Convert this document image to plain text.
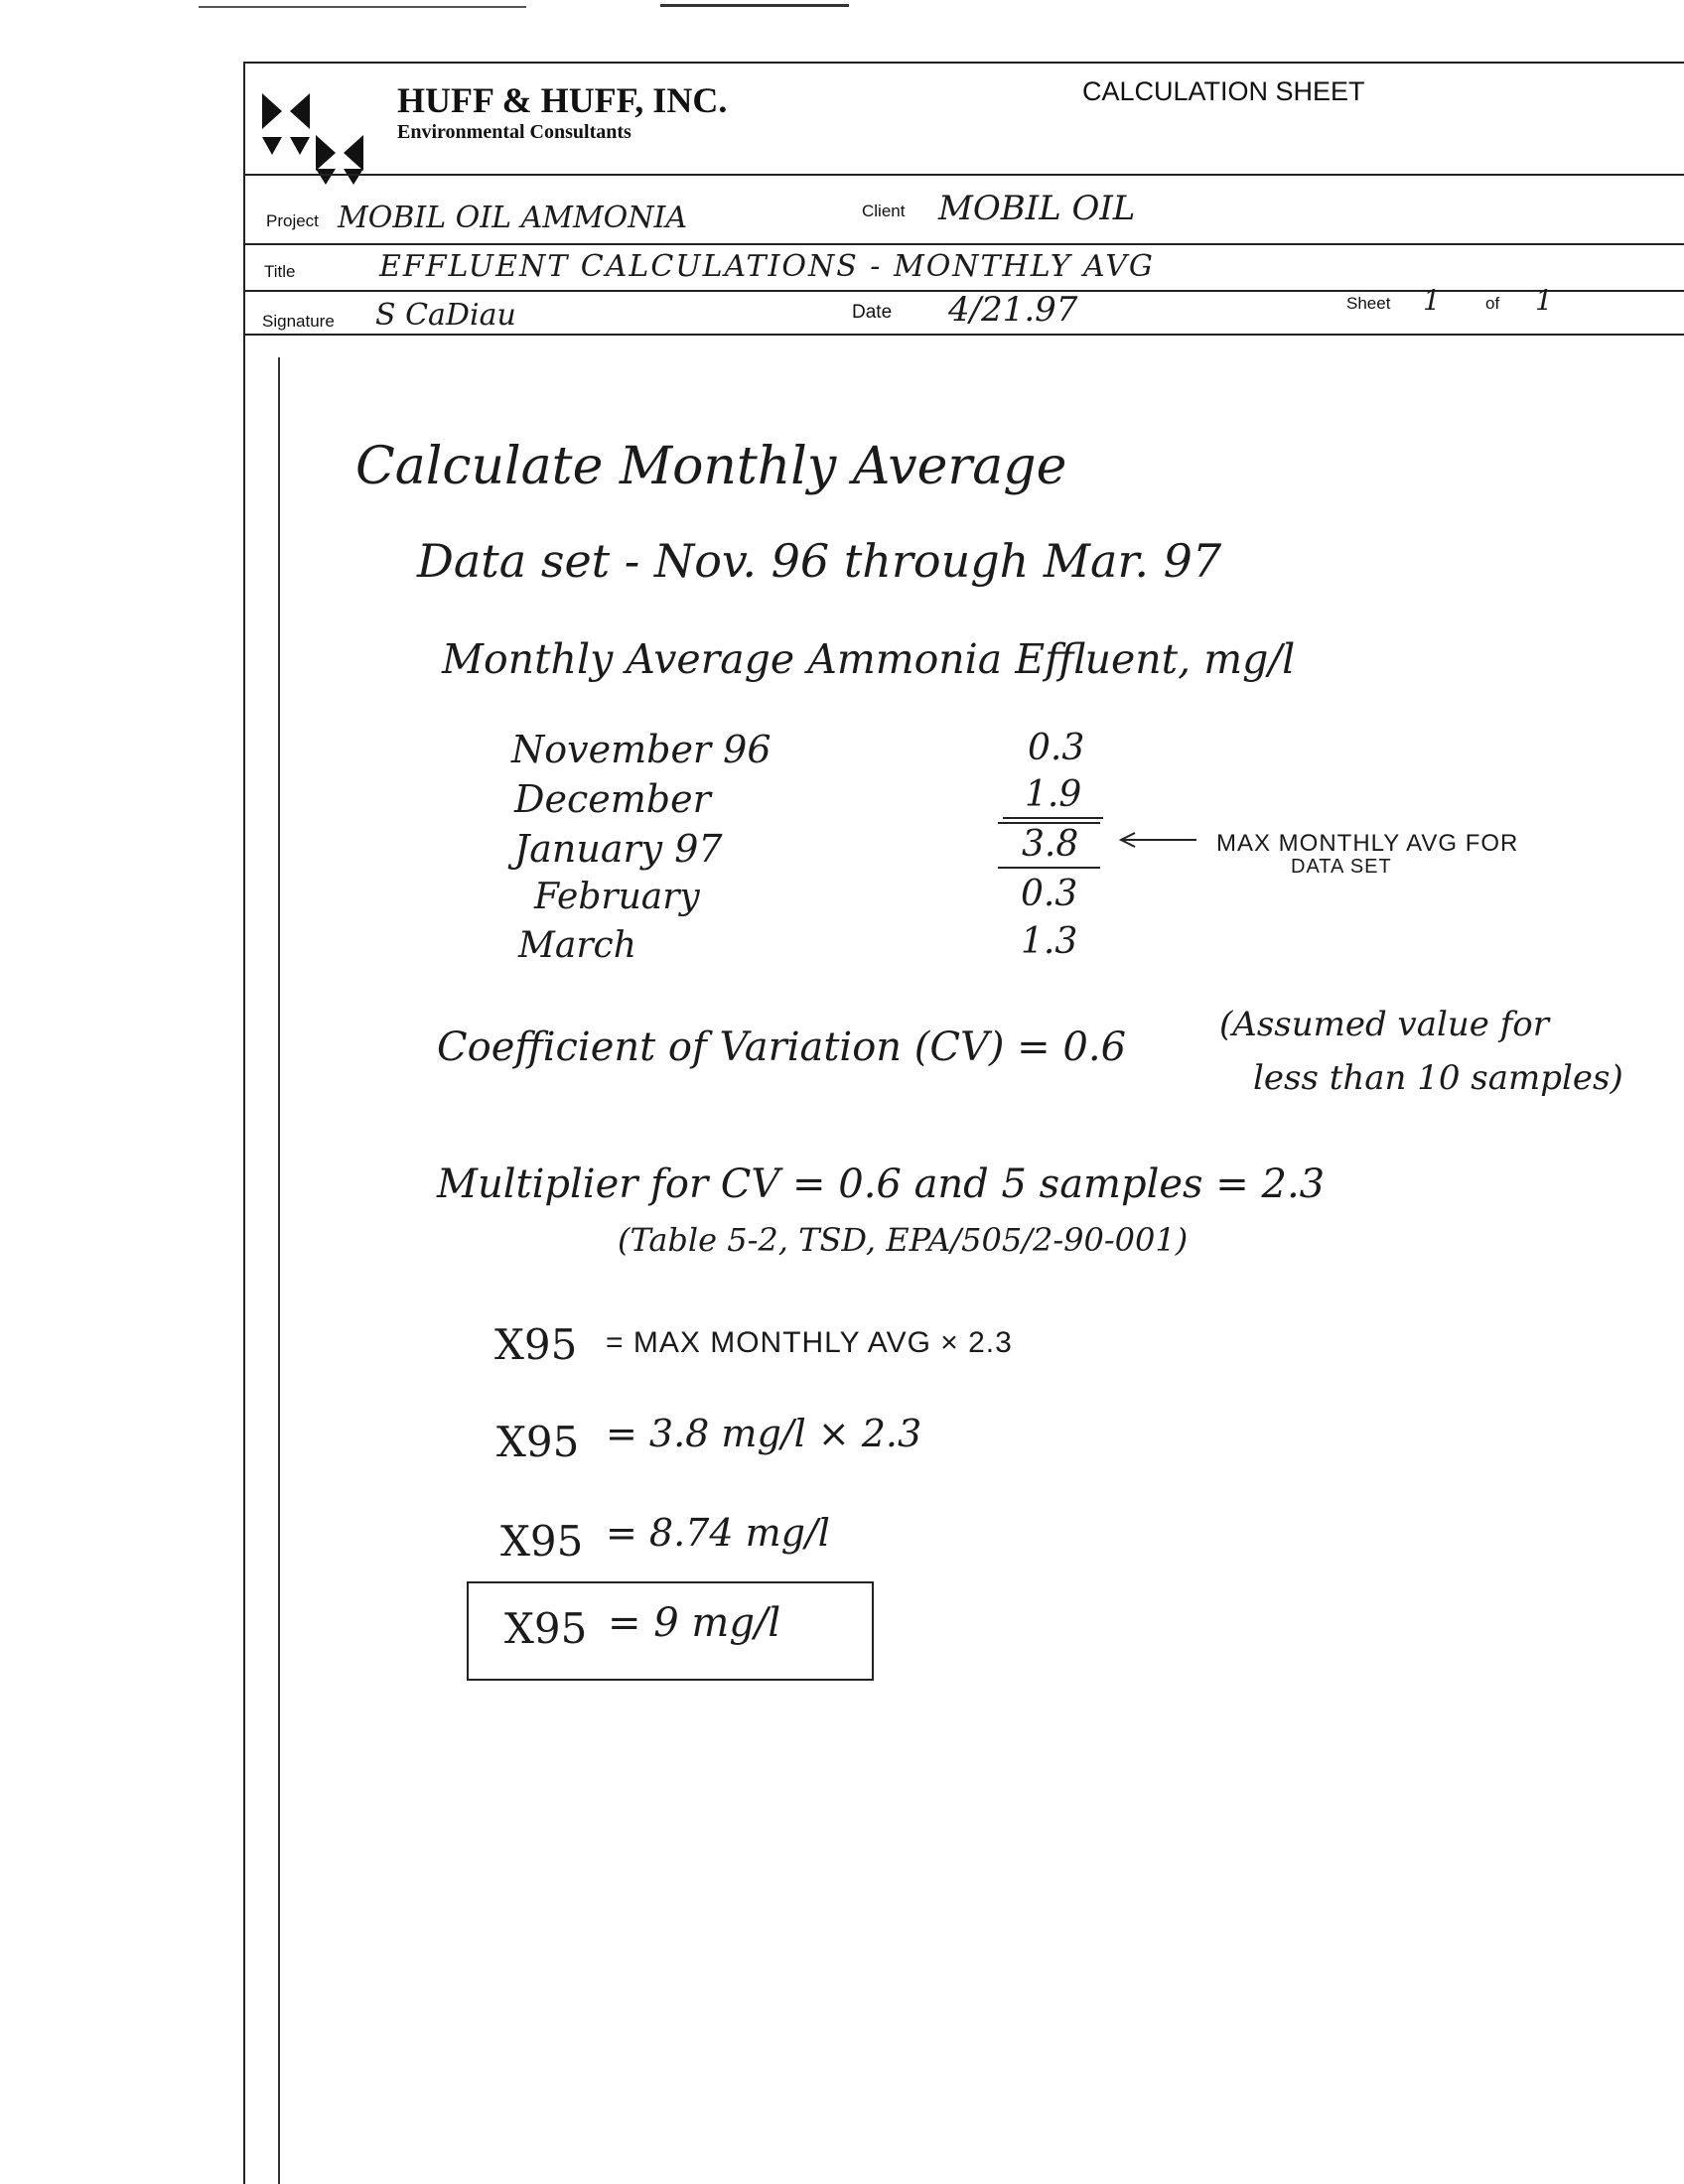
HUFF & HUFF, INC.
Environmental Consultants
CALCULATION SHEET
Project MOBIL OIL AMMONIA	Client MOBIL OIL
Title	EFFLUENT CALCULATIONS - MONTHLY AVG
Signature S CaDiau	Date 4/21.97	Sheet 1	of 1
Calculate Monthly Average
Data set - Nov. 96 through Mar. 97
Monthly Average Ammonia Effluent, mg/l
November 96	0.3
December	1.9
January 97	3.8
February	0.3
March	1.3
MAX MONTHLY AVG FOR
DATA SET
Coefficient of Variation (CV) = 0.6	(Assumed value for
less than 10 samples)
Multiplier for CV = 0.6 and 5 samples = 2.3
(Table 5-2, TSD, EPA/505/2-90-001)
X95 = MAX MONTHLY AVG × 2.3
X95 = 3.8 mg/l × 2.3
X95 = 8.74 mg/l
X95 = 9 mg/l
